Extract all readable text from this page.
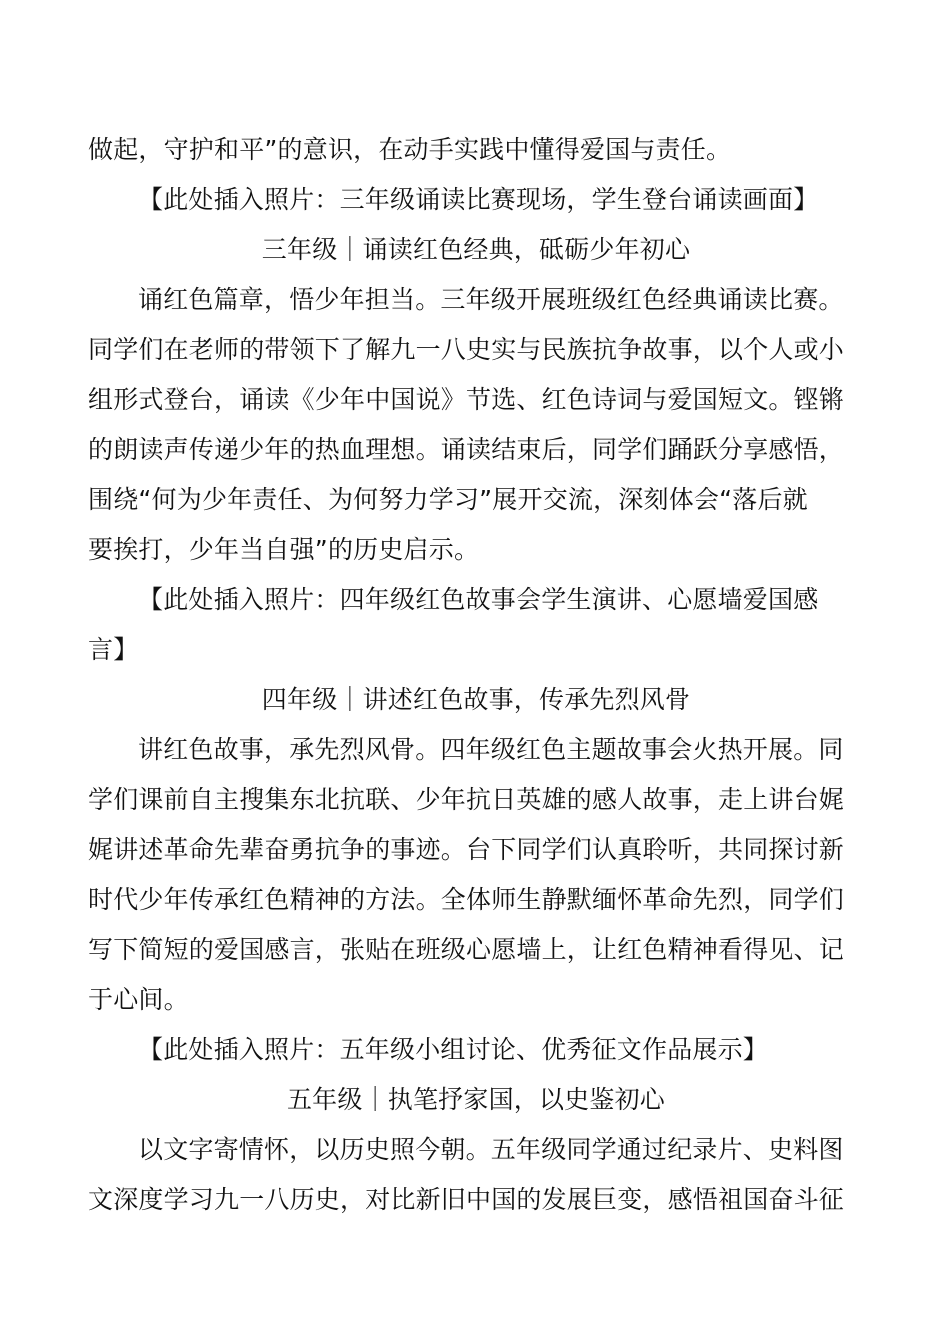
做起，守护和平”的意识，在动手实践中懂得爱国与责任。
【此处插入照片：三年级诵读比赛现场，学生登台诵读画面】
三年级｜诵读红色经典，砥砺少年初心
诵红色篇章，悟少年担当。三年级开展班级红色经典诵读比赛。
同学们在老师的带领下了解九一八史实与民族抗争故事，以个人或小
组形式登台，诵读《少年中国说》节选、红色诗词与爱国短文。铿锵
的朗读声传递少年的热血理想。诵读结束后，同学们踊跃分享感悟，
围绕“何为少年责任、为何努力学习”展开交流，深刻体会“落后就
要挨打，少年当自强”的历史启示。
【此处插入照片：四年级红色故事会学生演讲、心愿墙爱国感
言】
四年级｜讲述红色故事，传承先烈风骨
讲红色故事，承先烈风骨。四年级红色主题故事会火热开展。同
学们课前自主搜集东北抗联、少年抗日英雄的感人故事，走上讲台娓
娓讲述革命先辈奋勇抗争的事迹。台下同学们认真聆听，共同探讨新
时代少年传承红色精神的方法。全体师生静默缅怀革命先烈，同学们
写下简短的爱国感言，张贴在班级心愿墙上，让红色精神看得见、记
于心间。
【此处插入照片：五年级小组讨论、优秀征文作品展示】
五年级｜执笔抒家国，以史鉴初心
以文字寄情怀，以历史照今朝。五年级同学通过纪录片、史料图
文深度学习九一八历史，对比新旧中国的发展巨变，感悟祖国奋斗征
